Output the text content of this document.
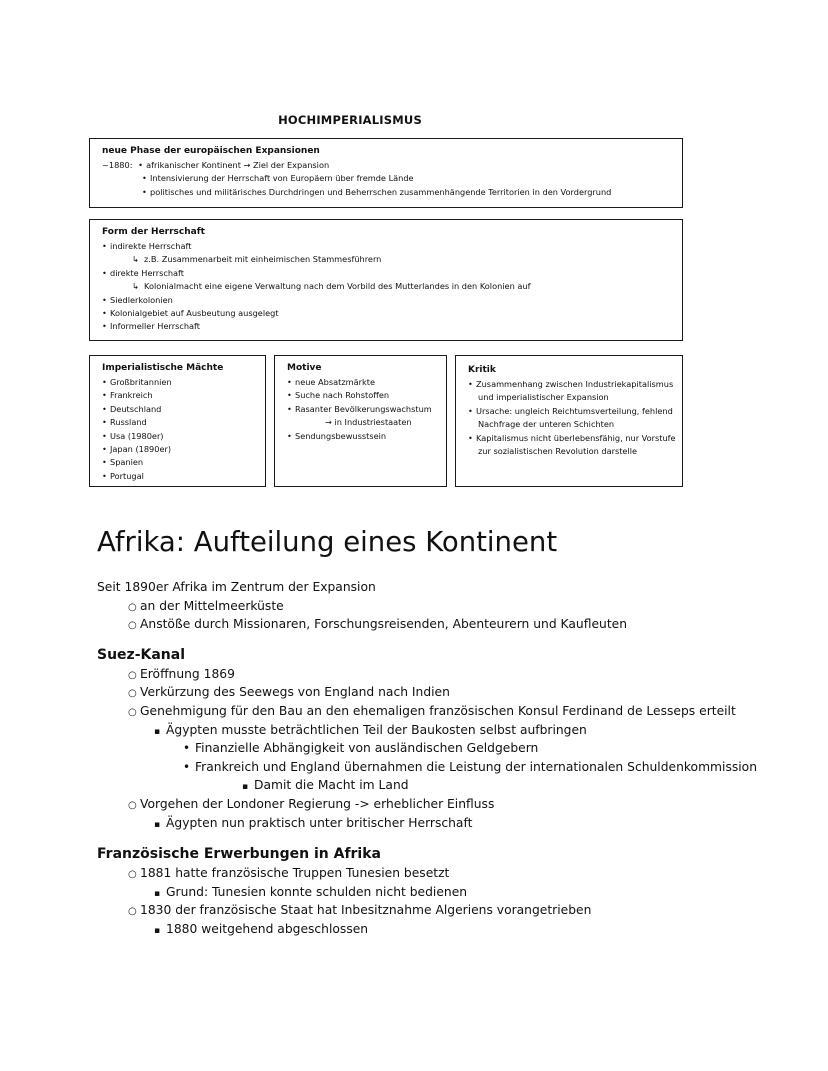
HOCHIMPERIALISMUS
neue Phase der europäischen Expansionen
~1880: • afrikanischer Kontinent → Ziel der Expansion
• Intensivierung der Herrschaft von Europäern über fremde Lände
• politisches und militärisches Durchdringen und Beherrschen zusammenhängende Territorien in den Vordergrund
Form der Herrschaft
• indirekte Herrschaft
↳ z.B. Zusammenarbeit mit einheimischen Stammesführern
• direkte Herrschaft
↳ Kolonialmacht eine eigene Verwaltung nach dem Vorbild des Mutterlandes in den Kolonien auf
• Siedlerkolonien
• Kolonialgebiet auf Ausbeutung ausgelegt
• Informeller Herrschaft
Imperialistische Mächte
• Großbritannien
• Frankreich
• Deutschland
• Russland
• Usa (1980er)
• Japan (1890er)
• Spanien
• Portugal
Motive
• neue Absatzmärkte
• Suche nach Rohstoffen
• Rasanter Bevölkerungswachstum
→ in Industriestaaten
• Sendungsbewusstsein
Kritik
• Zusammenhang zwischen Industriekapitalismus
und imperialistischer Expansion
• Ursache: ungleich Reichtumsverteilung, fehlend
Nachfrage der unteren Schichten
• Kapitalismus nicht überlebensfähig, nur Vorstufe
zur sozialistischen Revolution darstelle
Afrika: Aufteilung eines Kontinent
Seit 1890er Afrika im Zentrum der Expansion
○ an der Mittelmeerküste
○ Anstöße durch Missionaren, Forschungsreisenden, Abenteurern und Kaufleuten
Suez-Kanal
○ Eröffnung 1869
○ Verkürzung des Seewegs von England nach Indien
○ Genehmigung für den Bau an den ehemaligen französischen Konsul Ferdinand de Lesseps erteilt
▪ Ägypten musste beträchtlichen Teil der Baukosten selbst aufbringen
• Finanzielle Abhängigkeit von ausländischen Geldgebern
• Frankreich und England übernahmen die Leistung der internationalen Schuldenkommission
▪ Damit die Macht im Land
○ Vorgehen der Londoner Regierung -> erheblicher Einfluss
▪ Ägypten nun praktisch unter britischer Herrschaft
Französische Erwerbungen in Afrika
○ 1881 hatte französische Truppen Tunesien besetzt
▪ Grund: Tunesien konnte schulden nicht bedienen
○ 1830 der französische Staat hat Inbesitznahme Algeriens vorangetrieben
▪ 1880 weitgehend abgeschlossen
